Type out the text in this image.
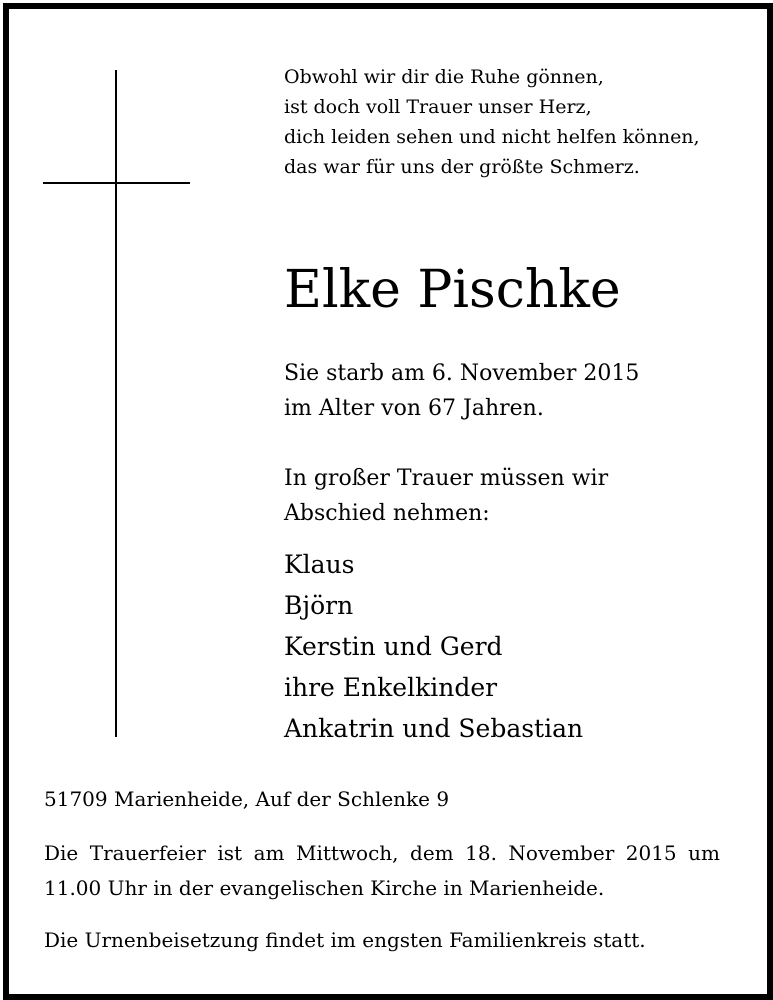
Obwohl wir dir die Ruhe gönnen,
ist doch voll Trauer unser Herz,
dich leiden sehen und nicht helfen können,
das war für uns der größte Schmerz.
Elke Pischke
Sie starb am 6. November 2015
im Alter von 67 Jahren.
In großer Trauer müssen wir
Abschied nehmen:
Klaus
Björn
Kerstin und Gerd
ihre Enkelkinder
Ankatrin und Sebastian
51709 Marienheide, Auf der Schlenke 9
Die Trauerfeier ist am Mittwoch, dem 18. November 2015 um
11.00 Uhr in der evangelischen Kirche in Marienheide.
Die Urnenbeisetzung findet im engsten Familienkreis statt.
